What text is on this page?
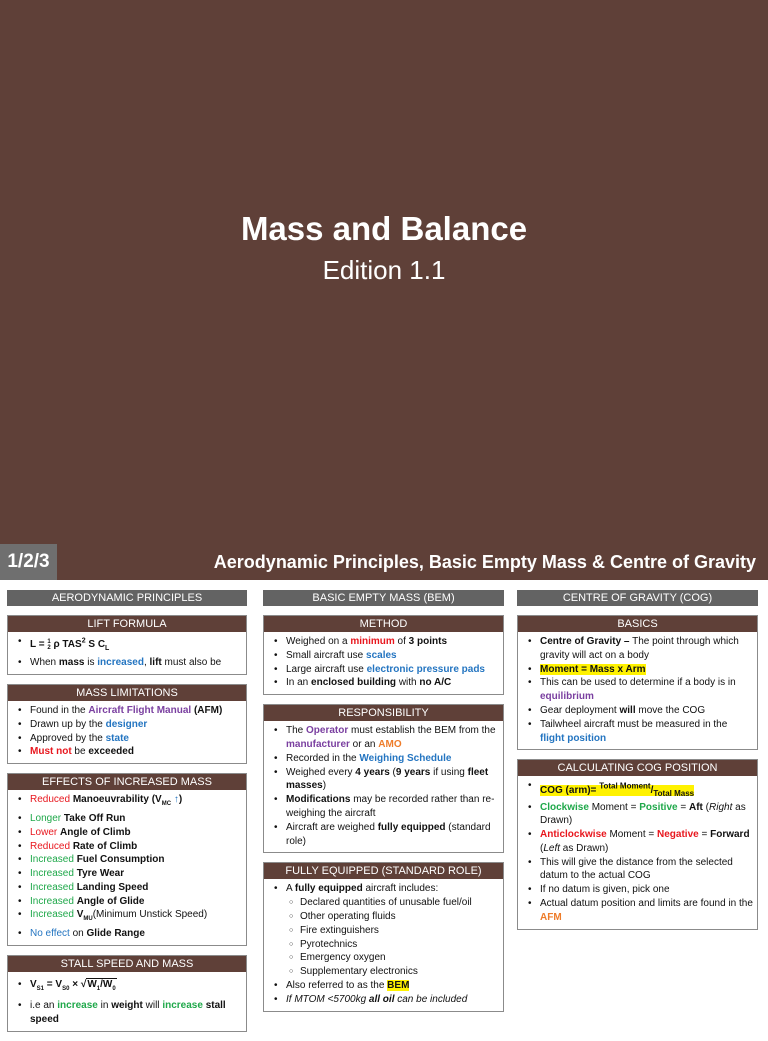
Mass and Balance
Edition 1.1
1/2/3	Aerodynamic Principles, Basic Empty Mass & Centre of Gravity
AERODYNAMIC PRINCIPLES
LIFT FORMULA
• L = 1
2 ρ TAS$^2$ S $C_L$
• When mass is increased, lift must also be
MASS LIMITATIONS
• Found in the Aircraft Flight Manual (AFM)
• Drawn up by the designer
• Approved by the state
• Must not be exceeded
EFFECTS OF INCREASED MASS
• Reduced Manoeuvrability ($V_{MC}$ ↑)
• Longer Take Off Run
• Lower Angle of Climb
• Reduced Rate of Climb
• Increased Fuel Consumption
• Increased Tyre Wear
• Increased Landing Speed
• Increased Angle of Glide
• Increased $V_{MU}(Minimum$ Unstick Speed)
• No effect on Glide Range
STALL SPEED AND MASS
• $V_{S1} = V_{S0} \times √W_1/W_0$
• i.e an increase in weight will increase stall speed
BASIC EMPTY MASS (BEM)
METHOD
• Weighed on a minimum of 3 points
• Small aircraft use scales
• Large aircraft use electronic pressure pads
• In an enclosed building with no A/C
RESPONSIBILITY
• The Operator must establish the BEM from the manufacturer or an AMO
• Recorded in the Weighing Schedule
• Weighed every 4 years (9 years if using fleet masses)
• Modifications may be recorded rather than re-weighing the aircraft
• Aircraft are weighed fully equipped (standard role)
FULLY EQUIPPED (STANDARD ROLE)
• A fully equipped aircraft includes:
○ Declared quantities of unusable fuel/oil
○ Other operating fluids
○ Fire extinguishers
○ Pyrotechnics
○ Emergency oxygen
○ Supplementary electronics
• Also referred to as the BEM
• If MTOM <5700kg all oil can be included
CENTRE OF GRAVITY (COG)
BASICS
• Centre of Gravity – The point through which gravity will act on a body
• Moment = Mass x Arm
• This can be used to determine if a body is in equilibrium
• Gear deployment will move the COG
• Tailwheel aircraft must be measured in the flight position
CALCULATING COG POSITION
• COG $(arm)= ^{Total Moment}/_{Total Mass}$
• Clockwise Moment = Positive = Aft (Right as Drawn)
• Anticlockwise Moment = Negative = Forward (Left as Drawn)
• This will give the distance from the selected datum to the actual COG
• If no datum is given, pick one
• Actual datum position and limits are found in the AFM
